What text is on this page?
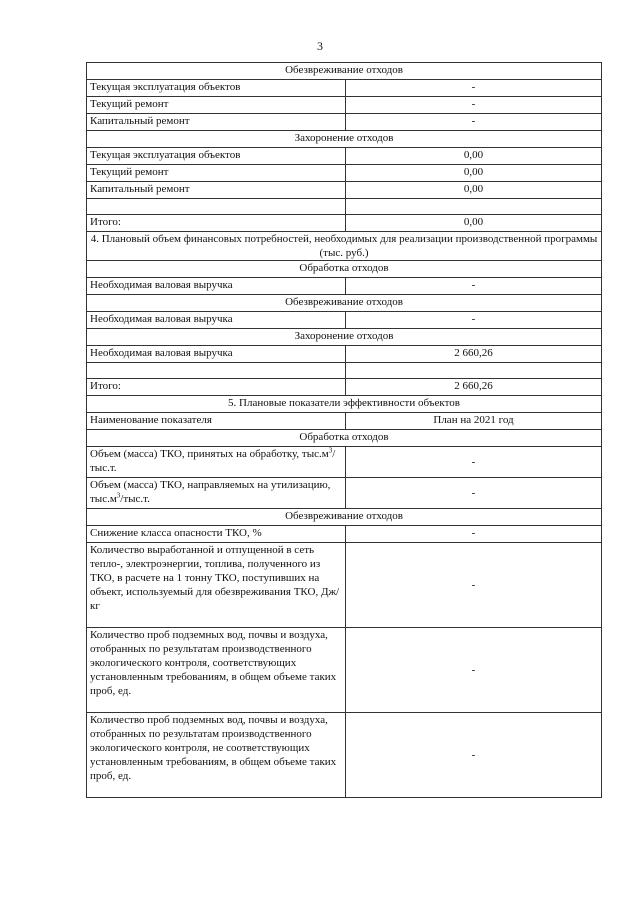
3
Обезвреживание отходов	
Текущая эксплуатация объектов	-
Текущий ремонт	-
Капитальный ремонт	-
Захоронение отходов	
Текущая эксплуатация объектов	0,00
Текущий ремонт	0,00
Капитальный ремонт	0,00

Итого:	0,00
4. Плановый объем финансовых потребностей, необходимых для реализации производственной программы (тыс. руб.)	
Обработка отходов	
Необходимая валовая выручка	-
Обезвреживание отходов	
Необходимая валовая выручка	-
Захоронение отходов	
Необходимая валовая выручка	2 660,26

Итого:	2 660,26
5. Плановые показатели эффективности объектов	
Наименование показателя	План на 2021 год
Обработка отходов	
Объем (масса) ТКО, принятых на обработку, $тыс.м^3/тыс.т$.	-
Объем (масса) ТКО, направляемых на утилизацию, $тыс.м^3/тыс.т$.	-
Обезвреживание отходов	
Снижение класса опасности ТКО, %	-
Количество выработанной и отпущенной в сеть тепло-, электроэнергии, топлива, полученного из ТКО, в расчете на 1 тонну ТКО, поступивших на объект, используемый для обезвреживания ТКО, Дж/кг	-
Количество проб подземных вод, почвы и воздуха, отобранных по результатам производственного экологического контроля, соответствующих установленным требованиям, в общем объеме таких проб, ед.	-
Количество проб подземных вод, почвы и воздуха, отобранных по результатам производственного экологического контроля, не соответствующих установленным требованиям, в общем объеме таких проб, ед.	-
